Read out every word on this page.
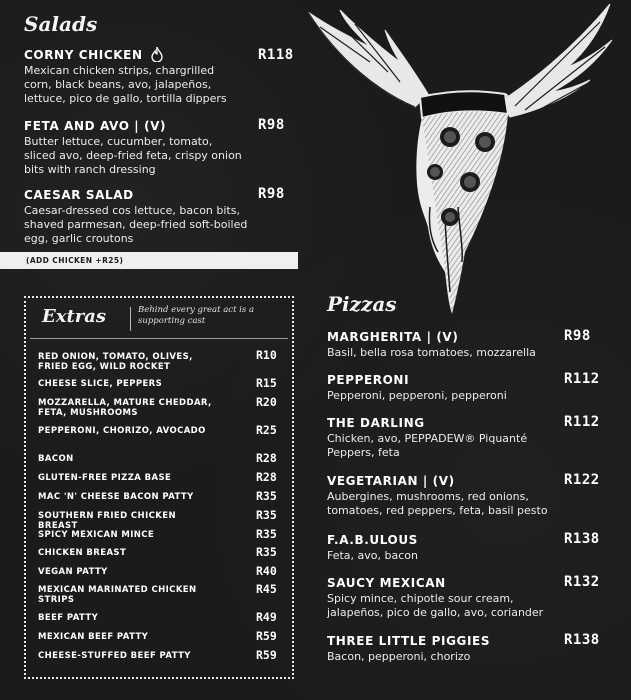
Salads
CORNY CHICKEN
Mexican chicken strips, chargrilled
corn, black beans, avo, jalapeños,
lettuce, pico de gallo, tortilla dippers
R118
FETA AND AVO | (V)
Butter lettuce, cucumber, tomato,
sliced avo, deep-fried feta, crispy onion
bits with ranch dressing
R98
CAESAR SALAD
Caesar-dressed cos lettuce, bacon bits,
shaved parmesan, deep-fried soft-boiled
egg, garlic croutons
R98
(ADD CHICKEN +R25)
Extras	Behind every great act is a supporting cast
RED ONION, TOMATO, OLIVES, FRIED EGG, WILD ROCKET
R10
CHEESE SLICE, PEPPERS	R15
MOZZARELLA, MATURE CHEDDAR, FETA, MUSHROOMS
R20
PEPPERONI, CHORIZO, AVOCADO	R25
BACON	R28
GLUTEN-FREE PIZZA BASE	R28
MAC 'N' CHEESE BACON PATTY	R35
SOUTHERN FRIED CHICKEN BREAST
R35
SPICY MEXICAN MINCE	R35
CHICKEN BREAST	R35
VEGAN PATTY	R40
MEXICAN MARINATED CHICKEN STRIPS
R45
BEEF PATTY	R49
MEXICAN BEEF PATTY	R59
CHEESE-STUFFED BEEF PATTY	R59
Pizzas
MARGHERITA | (V)
Basil, bella rosa tomatoes, mozzarella
R98
PEPPERONI
Pepperoni, pepperoni, pepperoni
R112
THE DARLING
Chicken, avo, PEPPADEW® Piquanté
Peppers, feta
R112
VEGETARIAN | (V)
Aubergines, mushrooms, red onions,
tomatoes, red peppers, feta, basil pesto
R122
F.A.B.ULOUS
Feta, avo, bacon
R138
SAUCY MEXICAN
Spicy mince, chipotle sour cream,
jalapeños, pico de gallo, avo, coriander
R132
THREE LITTLE PIGGIES
Bacon, pepperoni, chorizo
R138
